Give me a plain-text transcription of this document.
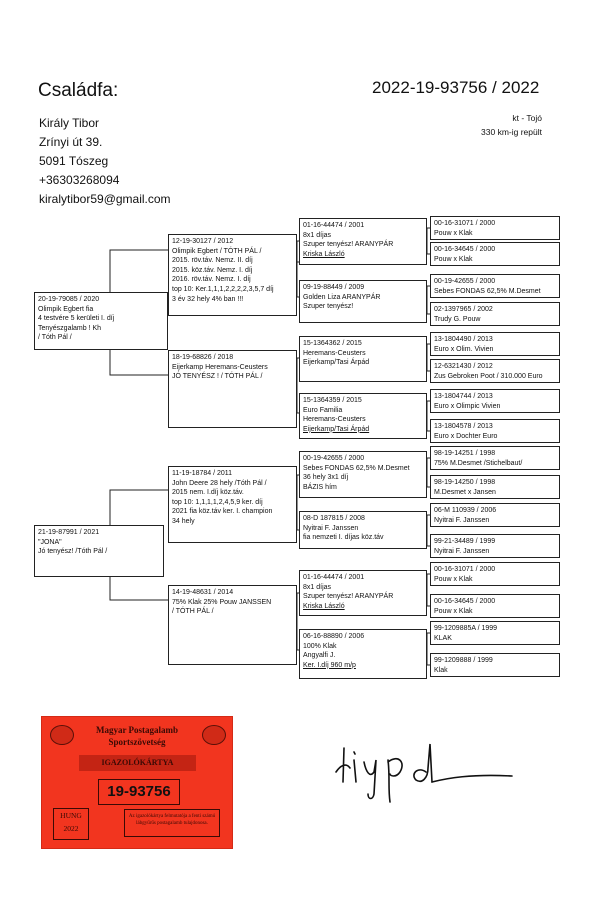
Családfa:	2022-19-93756 / 2022
Király Tibor
Zrínyi út 39.
5091 Tószeg
+36303268094
kiralytibor59@gmail.com
kt - Tojó
330 km-ig repült
20-19-79085 / 2020
Olimpik Egbert fia
4 testvére 5 kerületi I. díj
Tenyészgalamb ! Kh
/ Tóth Pál /
21-19-87991 / 2021
"JONA"
Jó tenyész! /Tóth Pál /
12-19-30127 / 2012
Olimpik Egbert / TÓTH PÁL /
2015. röv.táv. Nemz. II. díj
2015. köz.táv. Nemz. I. díj
2016. röv.táv. Nemz. I. díj
top 10: Ker.1,1,1,2,2,2,2,3,5,7 díj
3 év 32 hely 4% ban !!!
18-19-68826 / 2018
Eijerkamp Heremans-Ceusters
JÓ TENYÉSZ ! / TÓTH PÁL /
11-19-18784 / 2011
John Deere 28 hely /Tóth Pál /
2015 nem. I.díj köz.táv.
top 10: 1,1,1,1,2,4,5,9 ker. díj
2021 fia köz.táv ker. I. champion
34 hely
14-19-48631 / 2014
75% Klak 25% Pouw JANSSEN
/ TÓTH PÁL /
01-16-44474 / 2001
8x1 díjas
Szuper tenyész! ARANYPÁR
Kriska László
09-19-88449 / 2009
Golden Liza ARANYPÁR
Szuper tenyész!
15-1364362 / 2015
Heremans-Ceusters
Eijerkamp/Tasi Árpád
15-1364359 / 2015
Euro Familia
Heremans-Ceusters
Eijerkamp/Tasi Árpád
00-19-42655 / 2000
Sebes FONDAS 62,5% M.Desmet
36 hely 3x1 díj
BÁZIS hím
08-D 187815 / 2008
Nyitrai F. Janssen
fia nemzeti I. díjas köz.táv
01-16-44474 / 2001
8x1 díjas
Szuper tenyész! ARANYPÁR
Kriska László
06-16-88890 / 2006
100% Klak
Angyalfi J.
Ker. I.díj 960 m/p
00-16-31071 / 2000
Pouw x Klak
00-16-34645 / 2000
Pouw x Klak
00-19-42655 / 2000
Sebes FONDAS 62,5% M.Desmet
02-1397965 / 2002
Trudy G. Pouw
13-1804490 / 2013
Euro x Olim. Vivien
12-6321430 / 2012
Zus Gebroken Poot / 310.000 Euro
13-1804744 / 2013
Euro x Olimpic Vivien
13-1804578 / 2013
Euro x Dochter Euro
98-19-14251 / 1998
75% M.Desmet /Stichelbaut/
98-19-14250 / 1998
M.Desmet x Jansen
06-M 110939 / 2006
Nyitrai F. Janssen
99-21-34489 / 1999
Nyitrai F. Janssen
00-16-31071 / 2000
Pouw x Klak
00-16-34645 / 2000
Pouw x Klak
99-1209885A / 1999
KLAK
99-1209888 / 1999
Klak
Magyar Postagalamb
Sportszövetség
IGAZOLÓKÁRTYA
19-93756
HUNG
2022
Az igazolókártya felmutatója a fenti számú lábgyűrűs postagalamb tulajdonosa.
